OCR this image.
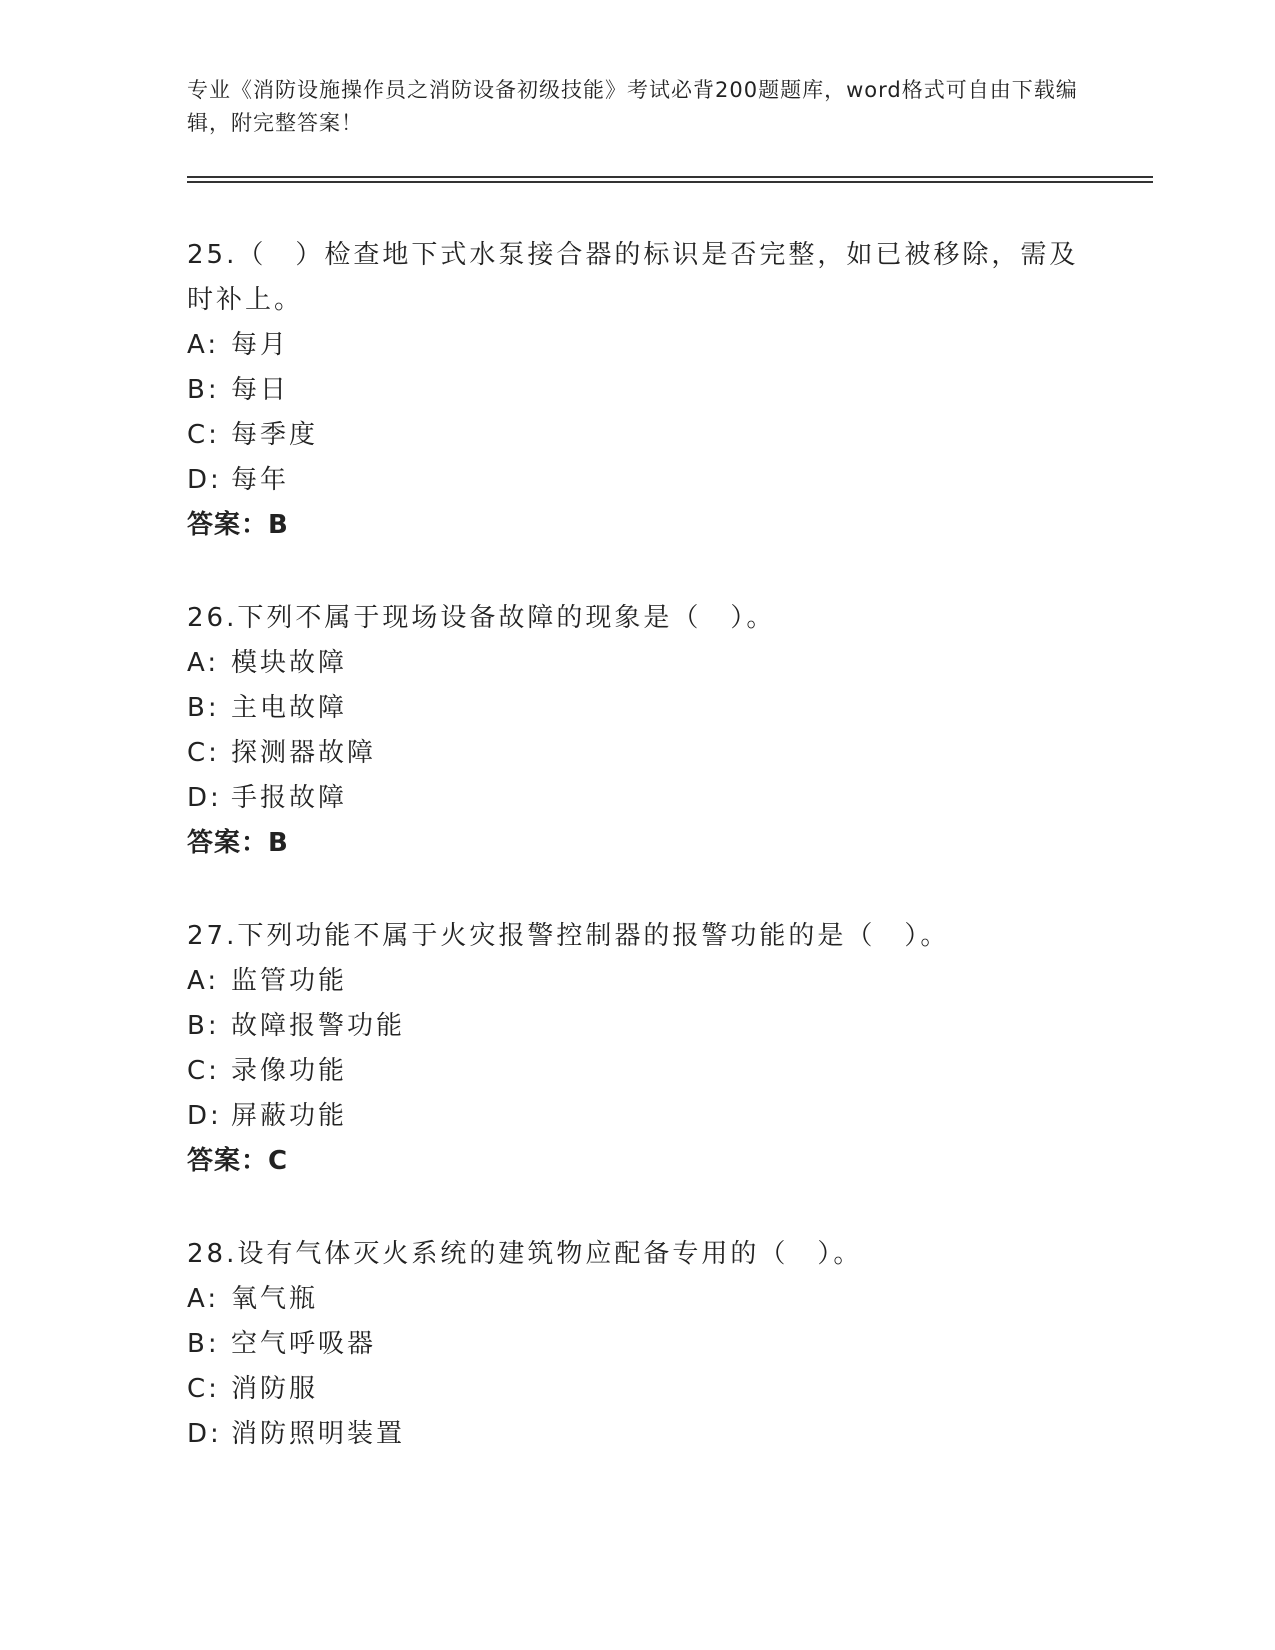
专业《消防设施操作员之消防设备初级技能》考试必背200题题库，word格式可自由下载编辑，附完整答案！
25.（　）检查地下式水泵接合器的标识是否完整，如已被移除，需及时补上。
A: 每月
B: 每日
C: 每季度
D: 每年
答案：B
26.下列不属于现场设备故障的现象是（　）。
A: 模块故障
B: 主电故障
C: 探测器故障
D: 手报故障
答案：B
27.下列功能不属于火灾报警控制器的报警功能的是（　）。
A: 监管功能
B: 故障报警功能
C: 录像功能
D: 屏蔽功能
答案：C
28.设有气体灭火系统的建筑物应配备专用的（　）。
A: 氧气瓶
B: 空气呼吸器
C: 消防服
D: 消防照明装置
